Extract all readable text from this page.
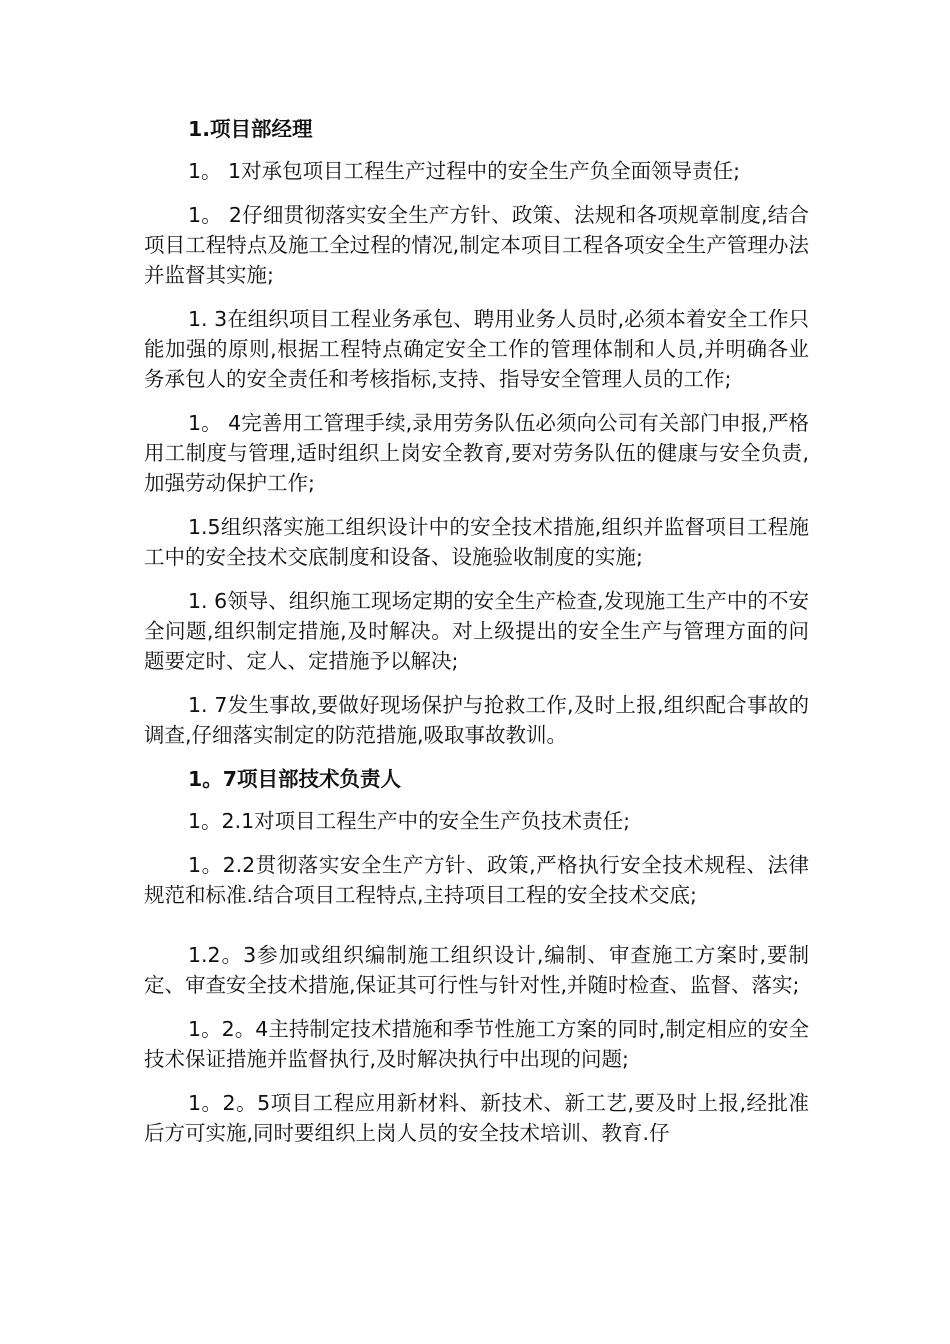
1.项目部经理
1。 1对承包项目工程生产过程中的安全生产负全面领导责任;
1。 2仔细贯彻落实安全生产方针、政策、法规和各项规章制度,结合项目工程特点及施工全过程的情况,制定本项目工程各项安全生产管理办法并监督其实施;
1. 3在组织项目工程业务承包、聘用业务人员时,必须本着安全工作只能加强的原则,根据工程特点确定安全工作的管理体制和人员,并明确各业务承包人的安全责任和考核指标,支持、指导安全管理人员的工作;
1。 4完善用工管理手续,录用劳务队伍必须向公司有关部门申报,严格用工制度与管理,适时组织上岗安全教育,要对劳务队伍的健康与安全负责,加强劳动保护工作;
1.5组织落实施工组织设计中的安全技术措施,组织并监督项目工程施工中的安全技术交底制度和设备、设施验收制度的实施;
1. 6领导、组织施工现场定期的安全生产检查,发现施工生产中的不安全问题,组织制定措施,及时解决。对上级提出的安全生产与管理方面的问题要定时、定人、定措施予以解决;
1. 7发生事故,要做好现场保护与抢救工作,及时上报,组织配合事故的调查,仔细落实制定的防范措施,吸取事故教训。
1。7项目部技术负责人
1。2.1对项目工程生产中的安全生产负技术责任;
1。2.2贯彻落实安全生产方针、政策,严格执行安全技术规程、法律规范和标准.结合项目工程特点,主持项目工程的安全技术交底;
1.2。3参加或组织编制施工组织设计,编制、审查施工方案时,要制定、审查安全技术措施,保证其可行性与针对性,并随时检查、监督、落实;
1。2。4主持制定技术措施和季节性施工方案的同时,制定相应的安全技术保证措施并监督执行,及时解决执行中出现的问题;
1。2。5项目工程应用新材料、新技术、新工艺,要及时上报,经批准后方可实施,同时要组织上岗人员的安全技术培训、教育.仔
